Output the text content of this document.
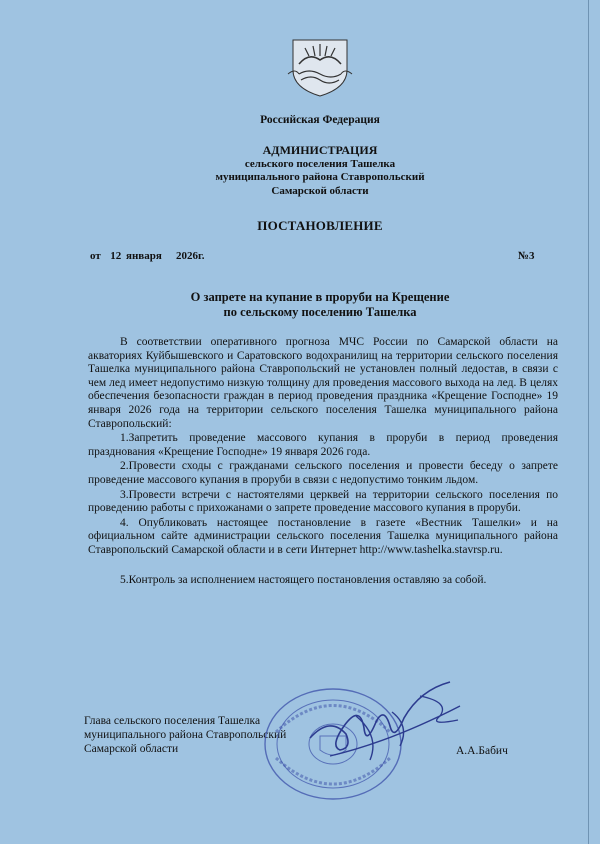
Российская Федерация
АДМИНИСТРАЦИЯ
сельского поселения Ташелка
муниципального района Ставропольский
Самарской области
ПОСТАНОВЛЕНИЕ
от  12 января   2026г.	№3
О запрете на купание в проруби на Крещение
по сельскому поселению Ташелка

В соответствии оперативного прогноза МЧС России по Самарской области на акваториях Куйбышевского и Саратовского водохранилищ на территории сельского поселения Ташелка муниципального района Ставропольский не установлен полный ледостав, в связи с чем лед имеет недопустимо низкую толщину для проведения массового выхода на лед. В целях обеспечения безопасности граждан в период проведения праздника «Крещение Господне» 19 января 2026 года на территории сельского поселения Ташелка муниципального района Ставропольский:

1.Запретить проведение массового купания в проруби в период проведения празднования «Крещение Господне» 19 января 2026 года.

2.Провести сходы с гражданами сельского поселения и провести беседу о запрете проведение массового купания в проруби в связи с недопустимо тонким льдом.

3.Провести встречи с настоятелями церквей на территории сельского поселения по проведению работы с прихожанами о запрете проведение массового купания в проруби.

4. Опубликовать настоящее постановление в газете «Вестник Ташелки» и на официальном сайте администрации сельского поселения Ташелка муниципального района Ставропольский Самарской области и в сети Интернет http://www.tashelka.stavrsp.ru.

5.Контроль за исполнением настоящего постановления оставляю за собой.

Глава сельского поселения Ташелка
муниципального района Ставропольский
Самарской области	А.А.Бабич
